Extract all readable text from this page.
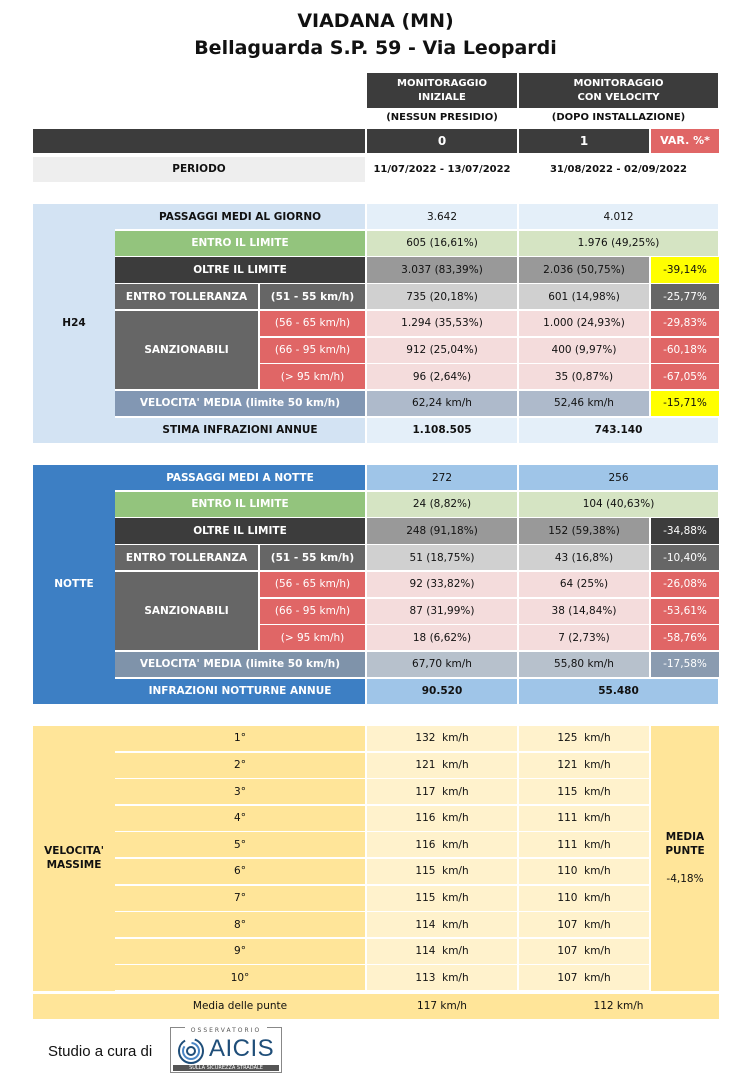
VIADANA (MN)
Bellaguarda S.P. 59 - Via Leopardi
MONITORAGGIO
INIZIALE
MONITORAGGIO
CON VELOCITY
(NESSUN PRESIDIO)	(DOPO INSTALLAZIONE)
0	1	VAR. %*
PERIODO	11/07/2022 - 13/07/2022	31/08/2022 - 02/09/2022
H24
PASSAGGI MEDI AL GIORNO	3.642	4.012
ENTRO IL LIMITE	605 (16,61%)	1.976 (49,25%)
OLTRE IL LIMITE	3.037 (83,39%)	2.036 (50,75%)	-39,14%
ENTRO TOLLERANZA	(51 - 55 km/h)	735 (20,18%)	601 (14,98%)	-25,77%
SANZIONABILI
(56 - 65 km/h)	1.294 (35,53%)	1.000 (24,93%)	-29,83%
(66 - 95 km/h)	912 (25,04%)	400 (9,97%)	-60,18%
(> 95 km/h)	96 (2,64%)	35 (0,87%)	-67,05%
VELOCITA' MEDIA (limite 50 km/h)	62,24 km/h	52,46 km/h	-15,71%
STIMA INFRAZIONI ANNUE	1.108.505	743.140
NOTTE
PASSAGGI MEDI A NOTTE	272	256
ENTRO IL LIMITE	24 (8,82%)	104 (40,63%)
OLTRE IL LIMITE	248 (91,18%)	152 (59,38%)	-34,88%
ENTRO TOLLERANZA	(51 - 55 km/h)	51 (18,75%)	43 (16,8%)	-10,40%
SANZIONABILI
(56 - 65 km/h)	92 (33,82%)	64 (25%)	-26,08%
(66 - 95 km/h)	87 (31,99%)	38 (14,84%)	-53,61%
(> 95 km/h)	18 (6,62%)	7 (2,73%)	-58,76%
VELOCITA' MEDIA (limite 50 km/h)	67,70 km/h	55,80 km/h	-17,58%
INFRAZIONI NOTTURNE ANNUE	90.520	55.480
VELOCITA'
MASSIME
1°	132  km/h	125  km/h
2°	121  km/h	121  km/h
3°	117  km/h	115  km/h
4°	116  km/h	111  km/h
5°	116  km/h	111  km/h
6°	115  km/h	110  km/h
7°	115  km/h	110  km/h
8°	114  km/h	107  km/h
9°	114  km/h	107  km/h
10°	113  km/h	107  km/h
MEDIA
PUNTE
-4,18%
Media delle punte	117 km/h	112 km/h
Studio a cura di
OSSERVATORIO
AICIS
SULLA SICUREZZA STRADALE
